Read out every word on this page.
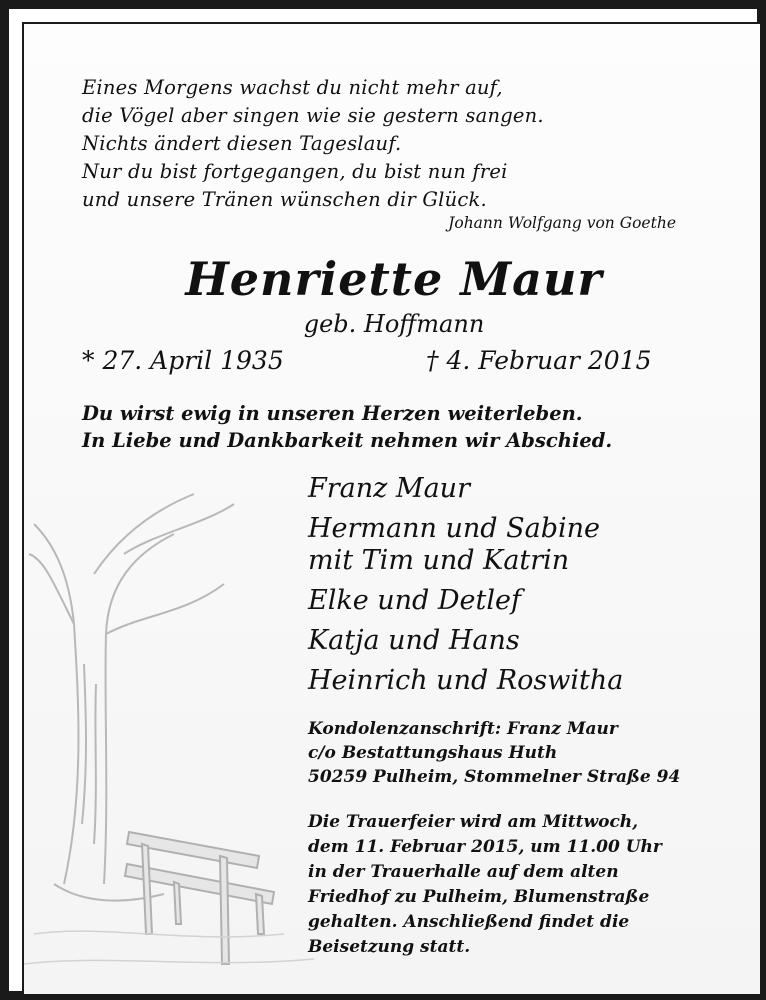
Eines Morgens wachst du nicht mehr auf,
die Vögel aber singen wie sie gestern sangen.
Nichts ändert diesen Tageslauf.
Nur du bist fortgegangen, du bist nun frei
und unsere Tränen wünschen dir Glück.
Johann Wolfgang von Goethe
Henriette Maur
geb. Hoffmann
* 27. April 1935	† 4. Februar 2015
Du wirst ewig in unseren Herzen weiterleben.
In Liebe und Dankbarkeit nehmen wir Abschied.
Franz Maur
Hermann und Sabine
mit Tim und Katrin
Elke und Detlef
Katja und Hans
Heinrich und Roswitha
Kondolenzanschrift: Franz Maur
c/o Bestattungshaus Huth
50259 Pulheim, Stommelner Straße 94
Die Trauerfeier wird am Mittwoch,
dem 11. Februar 2015, um 11.00 Uhr
in der Trauerhalle auf dem alten
Friedhof zu Pulheim, Blumenstraße
gehalten. Anschließend findet die
Beisetzung statt.
